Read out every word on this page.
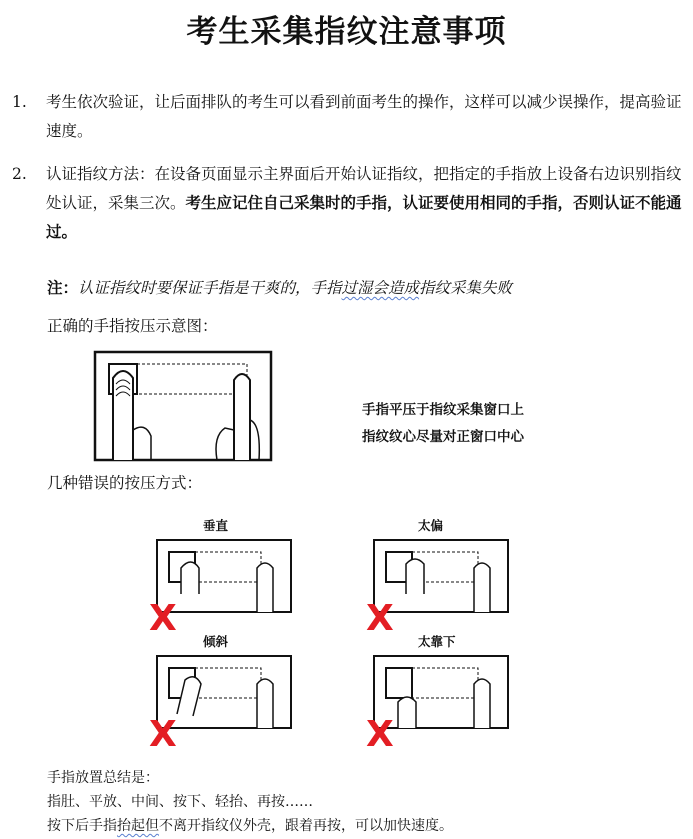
考生采集指纹注意事项
1. 考生依次验证，让后面排队的考生可以看到前面考生的操作，这样可以减少误操作，提高验证速度。
2. 认证指纹方法：在设备页面显示主界面后开始认证指纹，把指定的手指放上设备右边识别指纹处认证，采集三次。考生应记住自己采集时的手指，认证要使用相同的手指，否则认证不能通过。
注：认证指纹时要保证手指是干爽的，手指过湿会造成指纹采集失败
正确的手指按压示意图：
手指平压于指纹采集窗口上
指纹纹心尽量对正窗口中心
几种错误的按压方式：
垂直	太偏
倾斜	太靠下
X	X
X	X
手指放置总结是：
指肚、平放、中间、按下、轻抬、再按……
按下后手指抬起但不离开指纹仪外壳，跟着再按，可以加快速度。
